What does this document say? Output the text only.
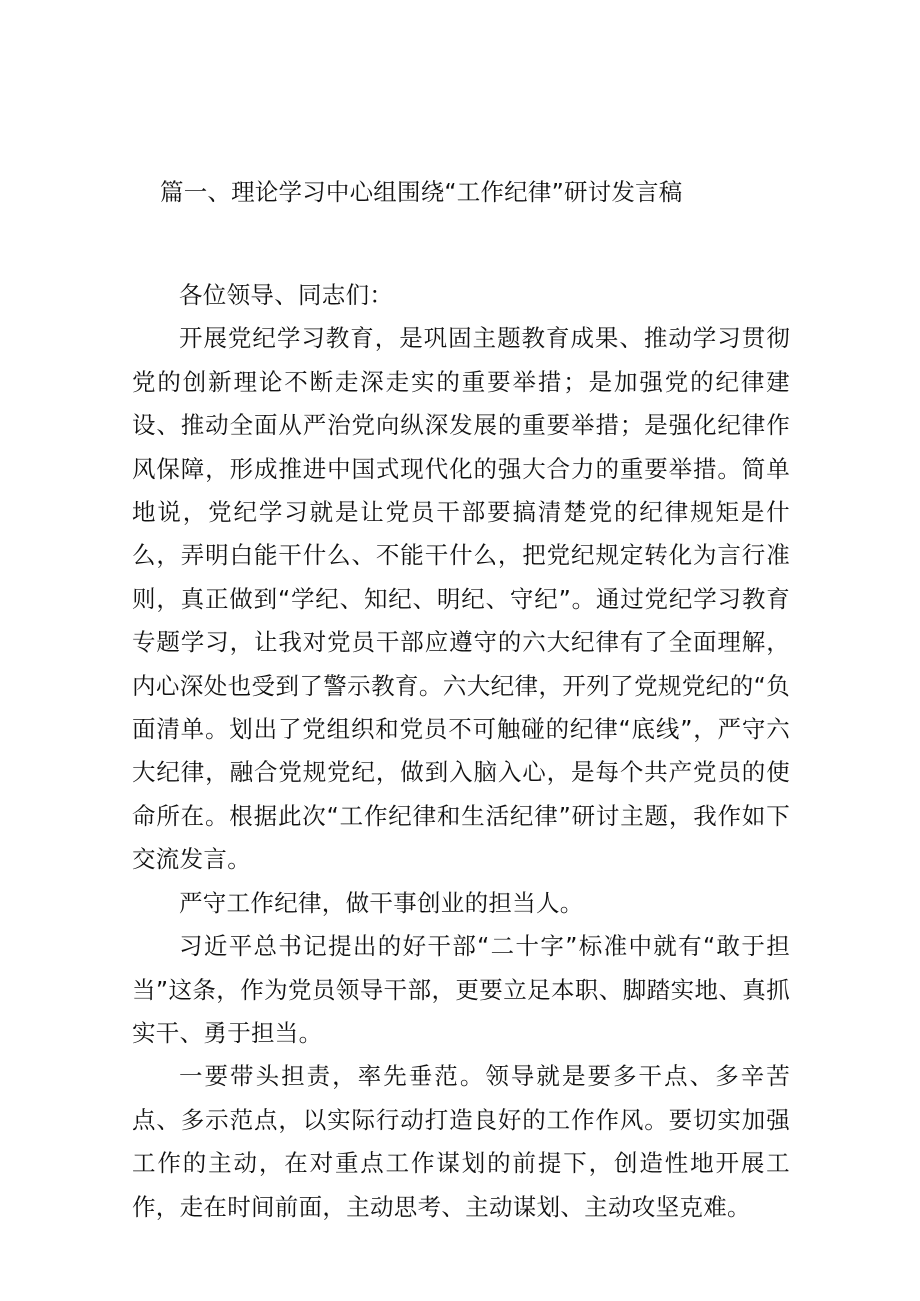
篇一、理论学习中心组围绕“工作纪律”研讨发言稿

各位领导、同志们：

开展党纪学习教育，是巩固主题教育成果、推动学习贯彻党的创新理论不断走深走实的重要举措；是加强党的纪律建设、推动全面从严治党向纵深发展的重要举措；是强化纪律作风保障，形成推进中国式现代化的强大合力的重要举措。简单地说，党纪学习就是让党员干部要搞清楚党的纪律规矩是什么，弄明白能干什么、不能干什么，把党纪规定转化为言行准则，真正做到“学纪、知纪、明纪、守纪”。通过党纪学习教育专题学习，让我对党员干部应遵守的六大纪律有了全面理解，内心深处也受到了警示教育。六大纪律，开列了党规党纪的“负面清单。划出了党组织和党员不可触碰的纪律“底线”，严守六大纪律，融合党规党纪，做到入脑入心，是每个共产党员的使命所在。根据此次“工作纪律和生活纪律”研讨主题，我作如下交流发言。

严守工作纪律，做干事创业的担当人。

习近平总书记提出的好干部“二十字”标准中就有“敢于担当”这条，作为党员领导干部，更要立足本职、脚踏实地、真抓实干、勇于担当。

一要带头担责，率先垂范。领导就是要多干点、多辛苦点、多示范点，以实际行动打造良好的工作作风。要切实加强工作的主动，在对重点工作谋划的前提下，创造性地开展工作，走在时间前面，主动思考、主动谋划、主动攻坚克难。
